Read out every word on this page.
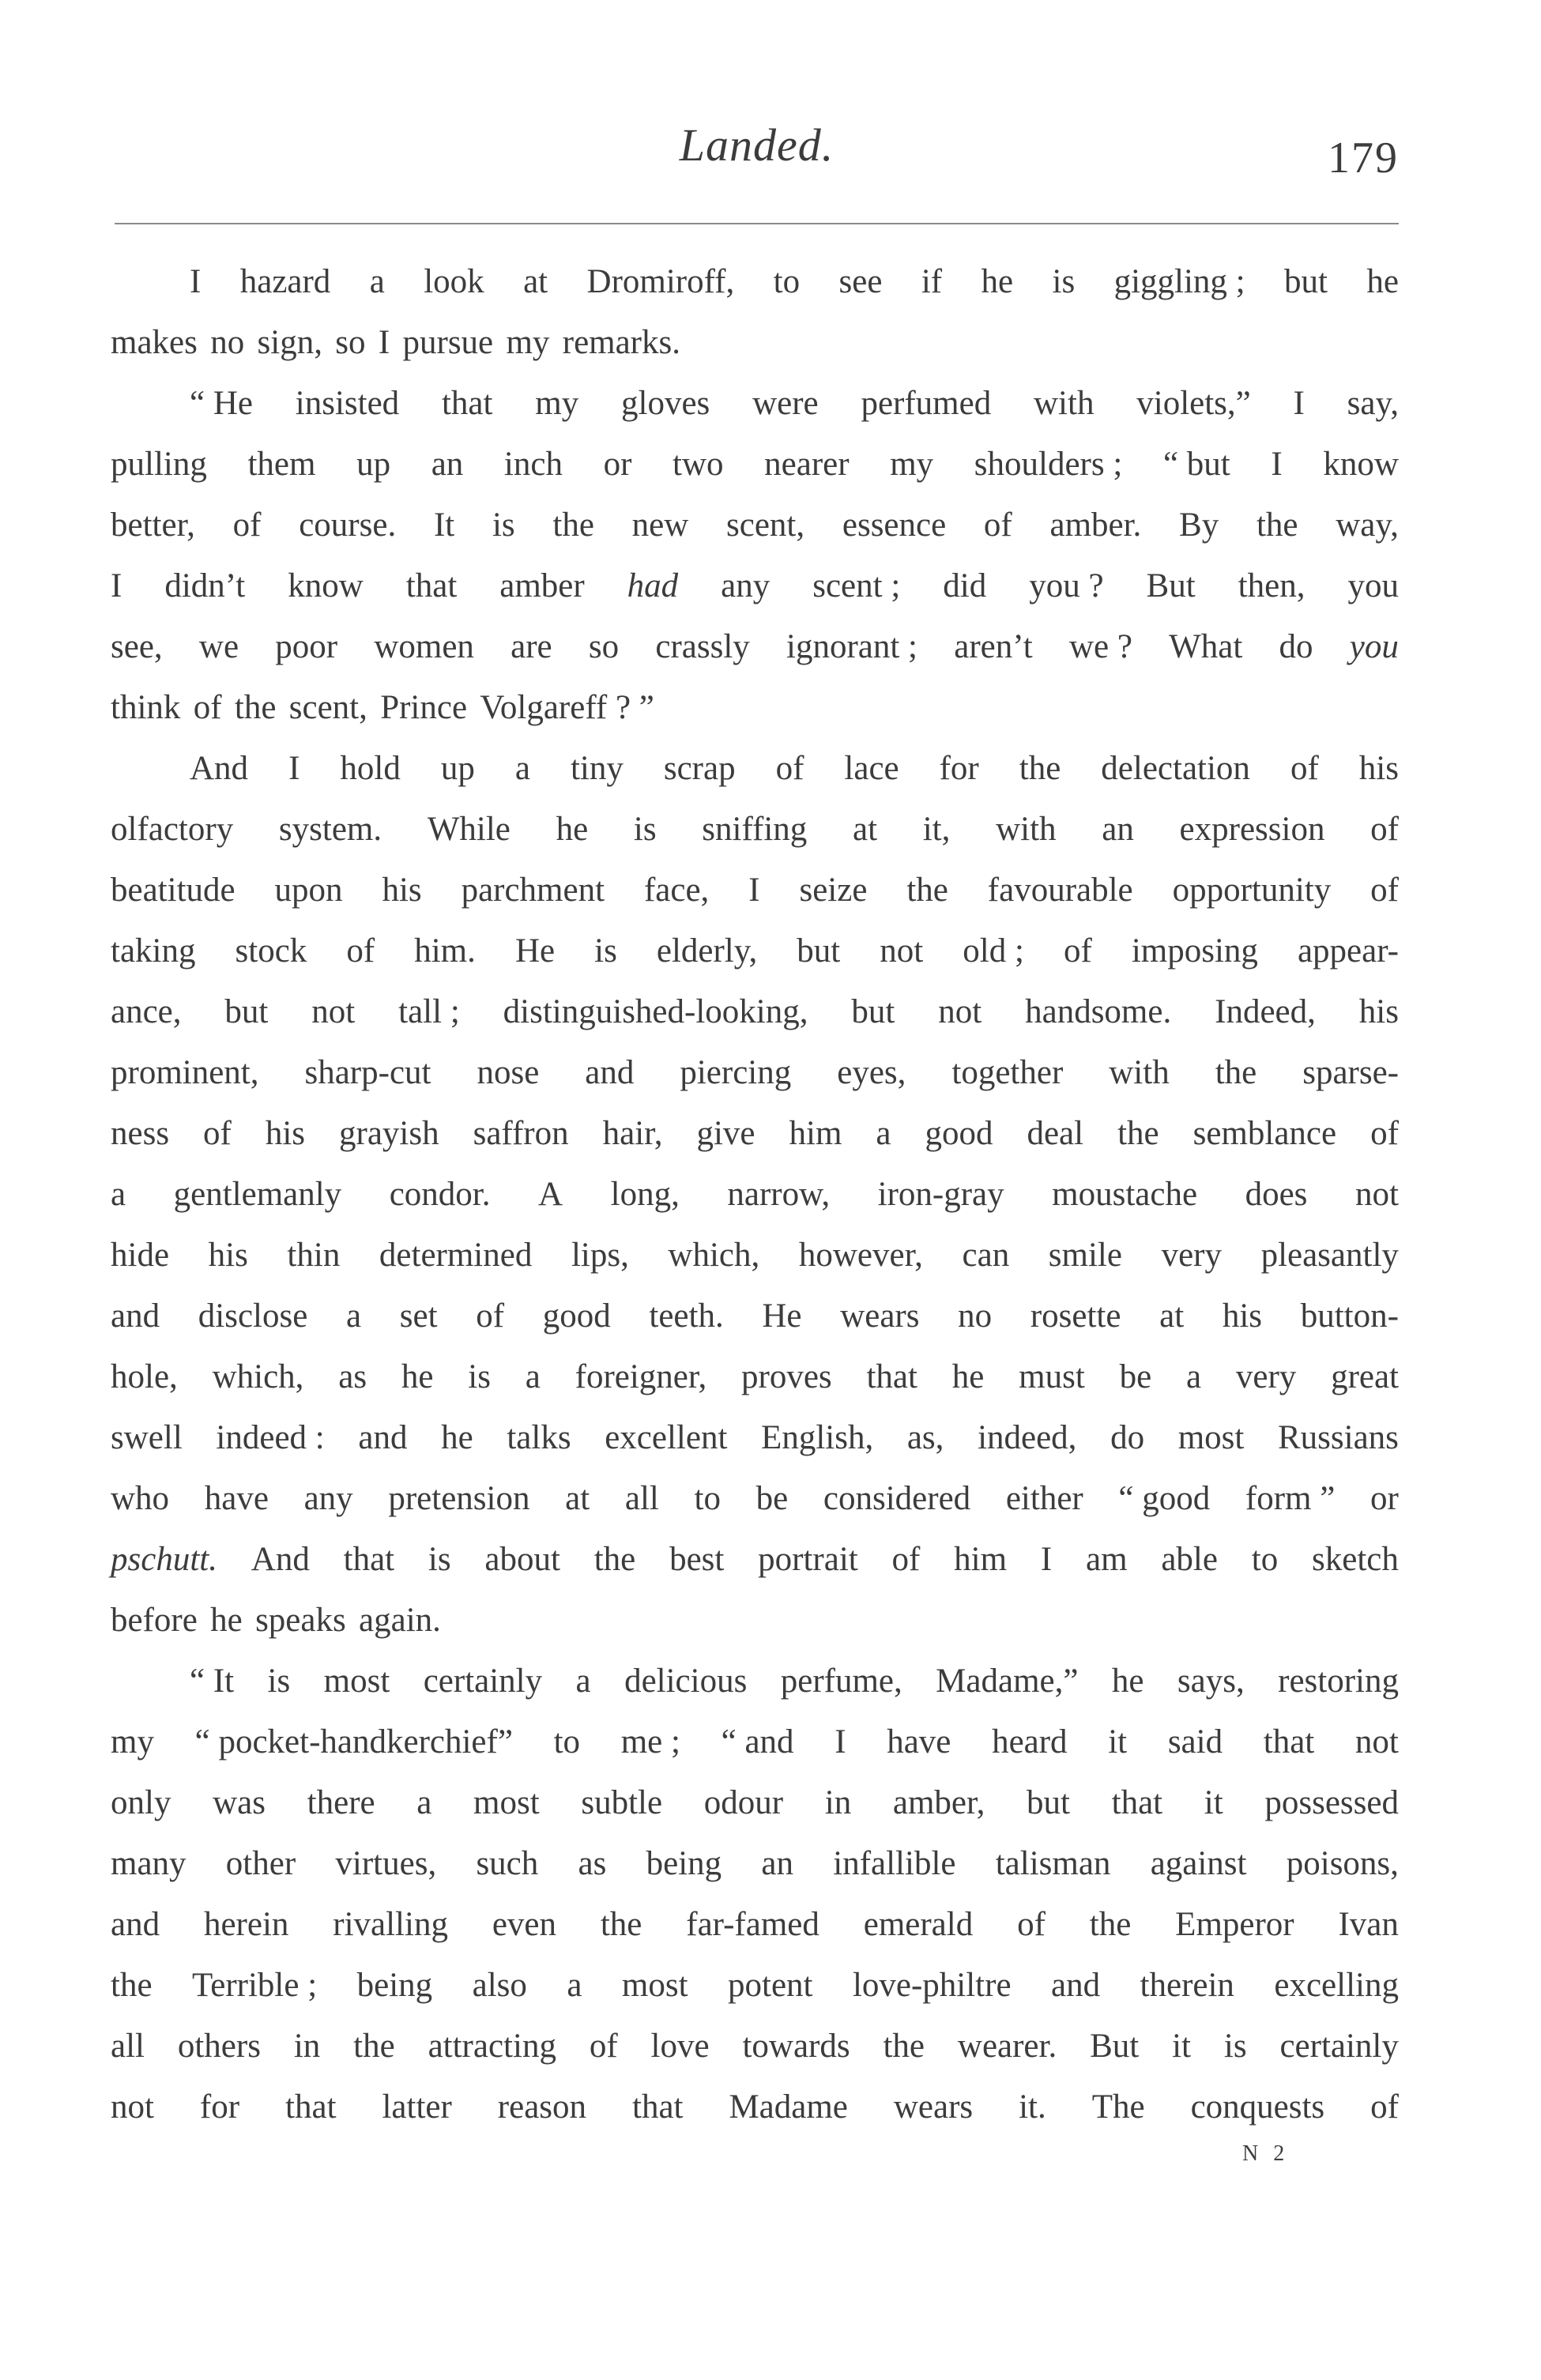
Landed.	179
I hazard a look at Dromiroff, to see if he is giggling ; but he
makes no sign, so I pursue my remarks.
“ He insisted that my gloves were perfumed with violets,” I say,
pulling them up an inch or two nearer my shoulders ; “ but I know
better, of course. It is the new scent, essence of amber. By the way,
I didn’t know that amber had any scent ; did you ? But then, you
see, we poor women are so crassly ignorant ; aren’t we ? What do you
think of the scent, Prince Volgareff ? ”
And I hold up a tiny scrap of lace for the delectation of his
olfactory system. While he is sniffing at it, with an expression of
beatitude upon his parchment face, I seize the favourable opportunity of
taking stock of him. He is elderly, but not old ; of imposing appear-
ance, but not tall ; distinguished-looking, but not handsome. Indeed, his
prominent, sharp-cut nose and piercing eyes, together with the sparse-
ness of his grayish saffron hair, give him a good deal the semblance of
a gentlemanly condor. A long, narrow, iron-gray moustache does not
hide his thin determined lips, which, however, can smile very pleasantly
and disclose a set of good teeth. He wears no rosette at his button-
hole, which, as he is a foreigner, proves that he must be a very great
swell indeed : and he talks excellent English, as, indeed, do most Russians
who have any pretension at all to be considered either “ good form ” or
pschutt. And that is about the best portrait of him I am able to sketch
before he speaks again.
“ It is most certainly a delicious perfume, Madame,” he says, restoring
my “ pocket-handkerchief” to me ; “ and I have heard it said that not
only was there a most subtle odour in amber, but that it possessed
many other virtues, such as being an infallible talisman against poisons,
and herein rivalling even the far-famed emerald of the Emperor Ivan
the Terrible ; being also a most potent love-philtre and therein excelling
all others in the attracting of love towards the wearer. But it is certainly
not for that latter reason that Madame wears it. The conquests of
N 2
